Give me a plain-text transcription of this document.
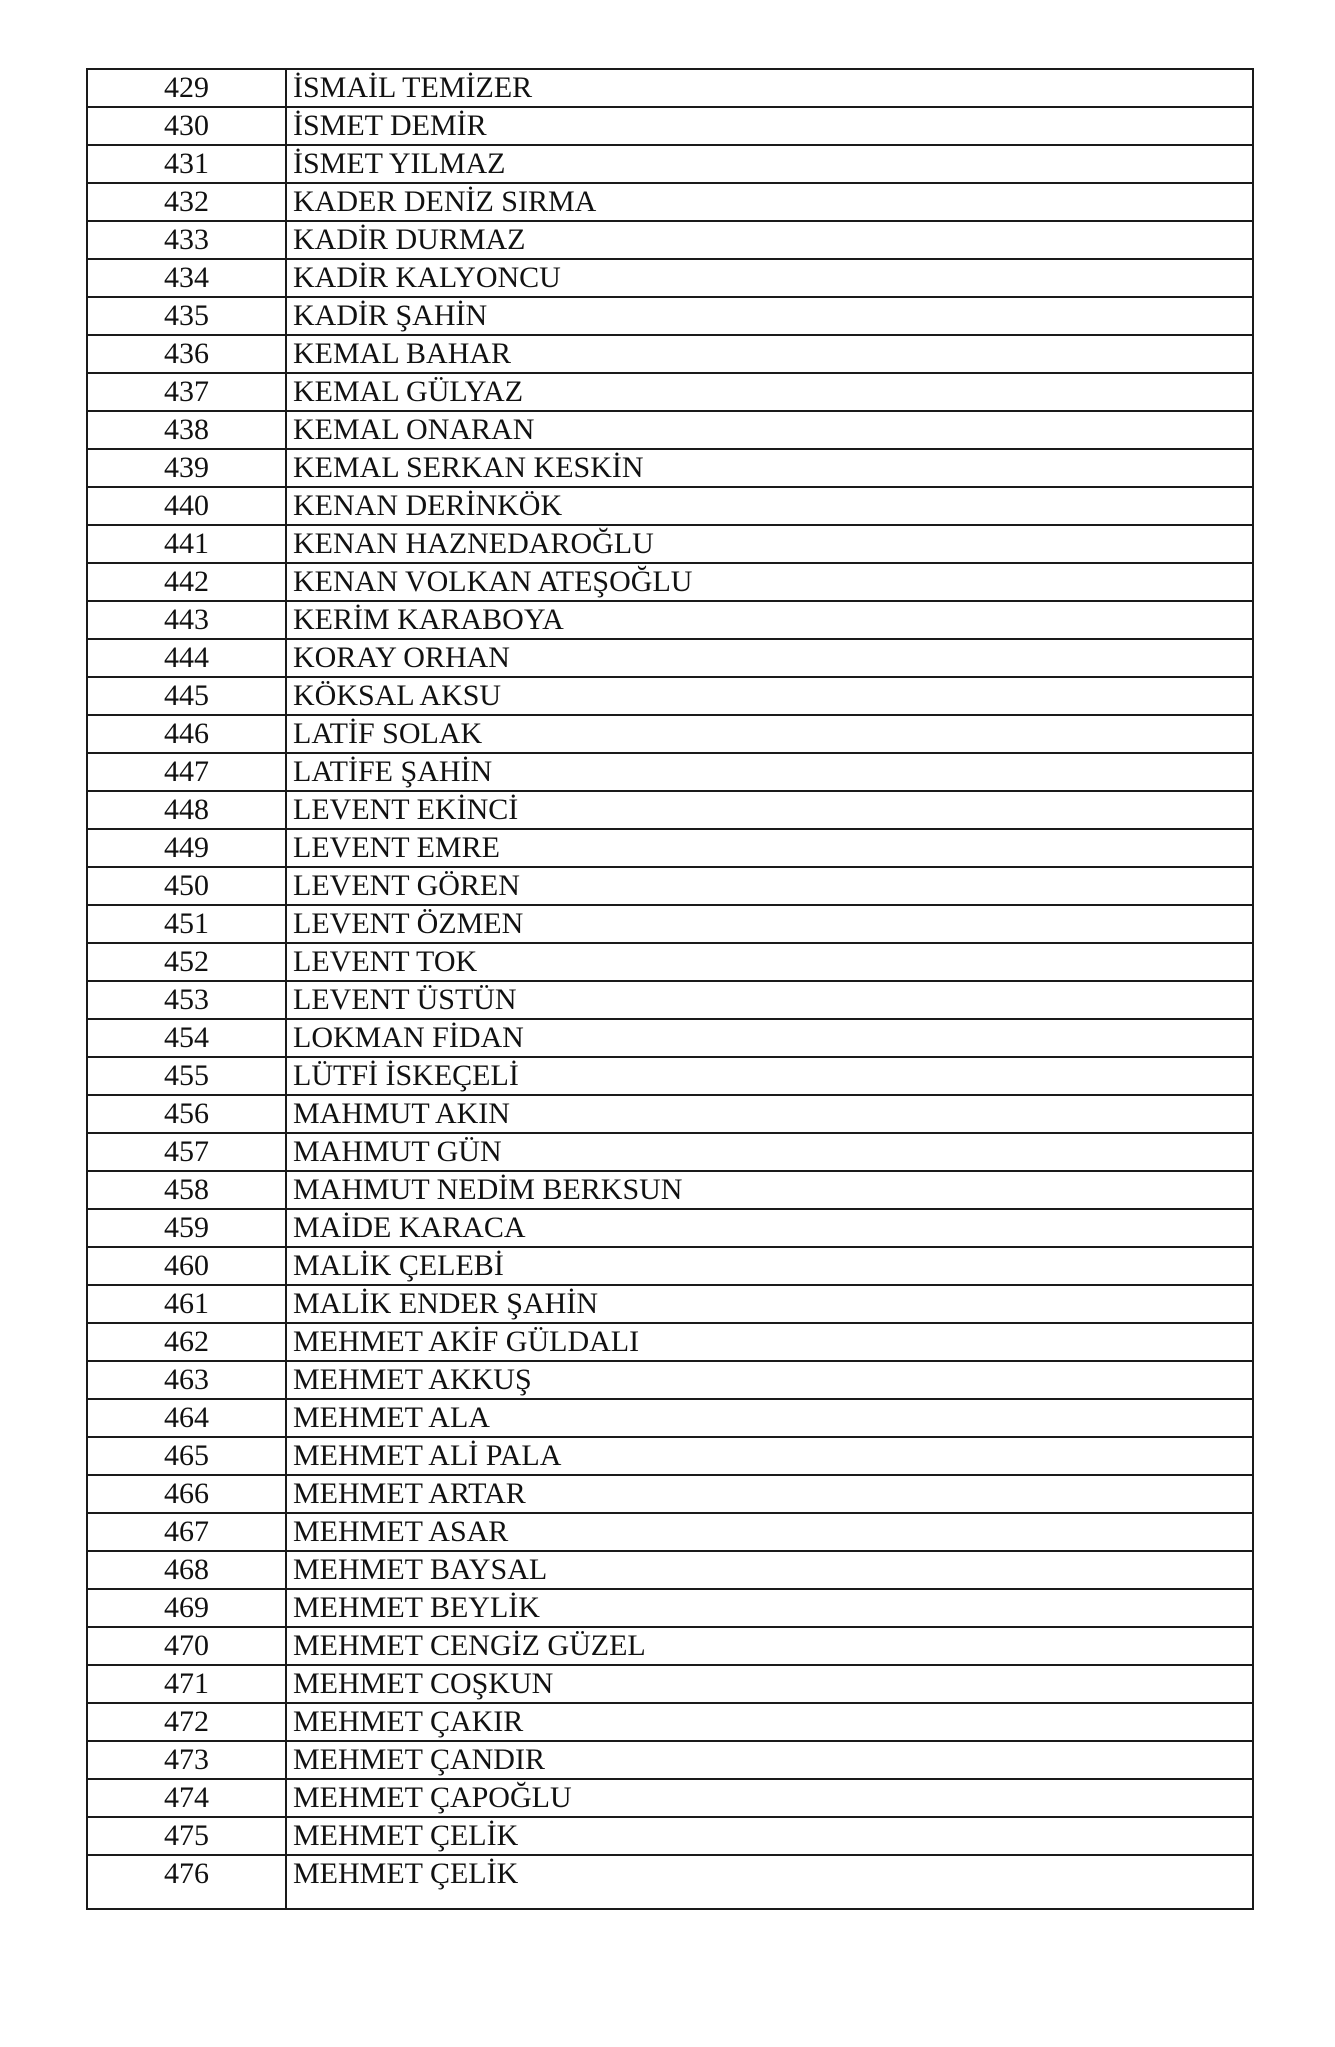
429	İSMAİL TEMİZER
430	İSMET DEMİR
431	İSMET YILMAZ
432	KADER DENİZ SIRMA
433	KADİR DURMAZ
434	KADİR KALYONCU
435	KADİR ŞAHİN
436	KEMAL BAHAR
437	KEMAL GÜLYAZ
438	KEMAL ONARAN
439	KEMAL SERKAN KESKİN
440	KENAN DERİNKÖK
441	KENAN HAZNEDAROĞLU
442	KENAN VOLKAN ATEŞOĞLU
443	KERİM KARABOYA
444	KORAY ORHAN
445	KÖKSAL AKSU
446	LATİF SOLAK
447	LATİFE ŞAHİN
448	LEVENT EKİNCİ
449	LEVENT EMRE
450	LEVENT GÖREN
451	LEVENT ÖZMEN
452	LEVENT TOK
453	LEVENT ÜSTÜN
454	LOKMAN FİDAN
455	LÜTFİ İSKEÇELİ
456	MAHMUT AKIN
457	MAHMUT GÜN
458	MAHMUT NEDİM BERKSUN
459	MAİDE KARACA
460	MALİK ÇELEBİ
461	MALİK ENDER ŞAHİN
462	MEHMET AKİF GÜLDALI
463	MEHMET AKKUŞ
464	MEHMET ALA
465	MEHMET ALİ PALA
466	MEHMET ARTAR
467	MEHMET ASAR
468	MEHMET BAYSAL
469	MEHMET BEYLİK
470	MEHMET CENGİZ GÜZEL
471	MEHMET COŞKUN
472	MEHMET ÇAKIR
473	MEHMET ÇANDIR
474	MEHMET ÇAPOĞLU
475	MEHMET ÇELİK
476	MEHMET ÇELİK
